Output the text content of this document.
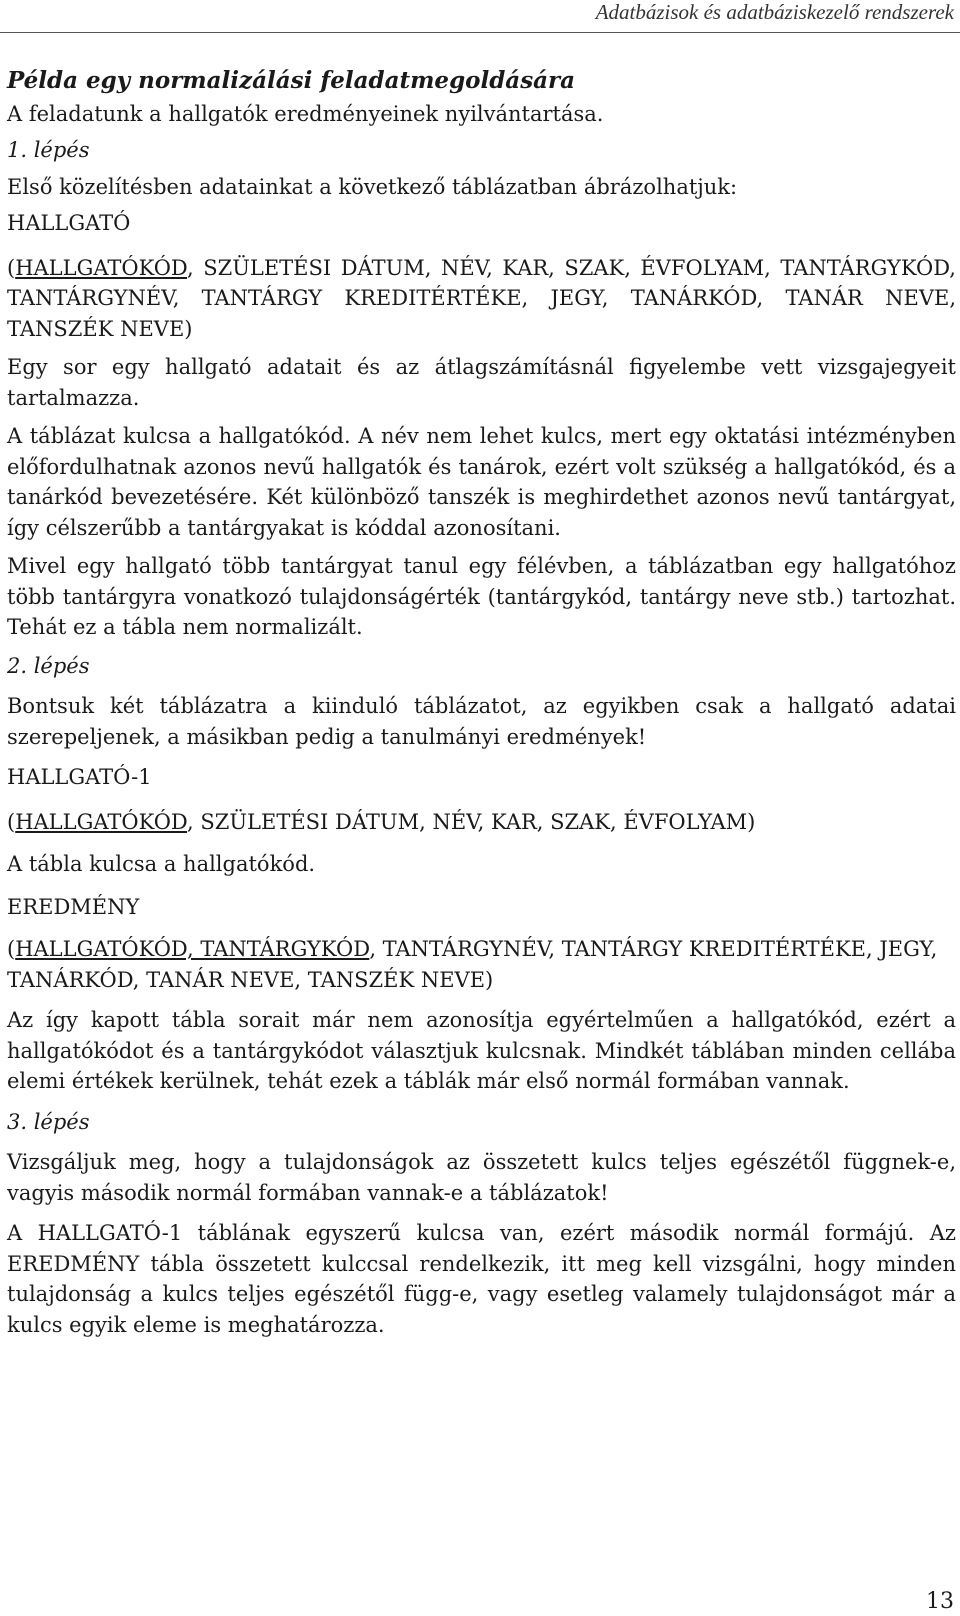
Adatbázisok és adatbáziskezelő rendszerek
Példa egy normalizálási feladatmegoldására
A feladatunk a hallgatók eredményeinek nyilvántartása.
1. lépés
Első közelítésben adatainkat a következő táblázatban ábrázolhatjuk:
HALLGATÓ
(HALLGATÓKÓD, SZÜLETÉSI DÁTUM, NÉV, KAR, SZAK, ÉVFOLYAM, TANTÁRGYKÓD, TANTÁRGYNÉV, TANTÁRGY KREDITÉRTÉKE, JEGY, TANÁRKÓD, TANÁR NEVE, TANSZÉK NEVE)
Egy sor egy hallgató adatait és az átlagszámításnál figyelembe vett vizsgajegyeit tartalmazza.
A táblázat kulcsa a hallgatókód. A név nem lehet kulcs, mert egy oktatási intézményben előfordulhatnak azonos nevű hallgatók és tanárok, ezért volt szükség a hallgatókód, és a tanárkód bevezetésére. Két különböző tanszék is meghirdethet azonos nevű tantárgyat, így célszerűbb a tantárgyakat is kóddal azonosítani.
Mivel egy hallgató több tantárgyat tanul egy félévben, a táblázatban egy hallgatóhoz több tantárgyra vonatkozó tulajdonságérték (tantárgykód, tantárgy neve stb.) tartozhat. Tehát ez a tábla nem normalizált.
2. lépés
Bontsuk két táblázatra a kiinduló táblázatot, az egyikben csak a hallgató adatai szerepeljenek, a másikban pedig a tanulmányi eredmények!
HALLGATÓ-1
(HALLGATÓKÓD, SZÜLETÉSI DÁTUM, NÉV, KAR, SZAK, ÉVFOLYAM)
A tábla kulcsa a hallgatókód.
EREDMÉNY
(HALLGATÓKÓD, TANTÁRGYKÓD, TANTÁRGYNÉV, TANTÁRGY KREDITÉRTÉKE, JEGY, TANÁRKÓD, TANÁR NEVE, TANSZÉK NEVE)
Az így kapott tábla sorait már nem azonosítja egyértelműen a hallgatókód, ezért a hallgatókódot és a tantárgykódot választjuk kulcsnak. Mindkét táblában minden cellába elemi értékek kerülnek, tehát ezek a táblák már első normál formában vannak.
3. lépés
Vizsgáljuk meg, hogy a tulajdonságok az összetett kulcs teljes egészétől függnek-e, vagyis második normál formában vannak-e a táblázatok!
A HALLGATÓ-1 táblának egyszerű kulcsa van, ezért második normál formájú. Az EREDMÉNY tábla összetett kulccsal rendelkezik, itt meg kell vizsgálni, hogy minden tulajdonság a kulcs teljes egészétől függ-e, vagy esetleg valamely tulajdonságot már a kulcs egyik eleme is meghatározza.
13
